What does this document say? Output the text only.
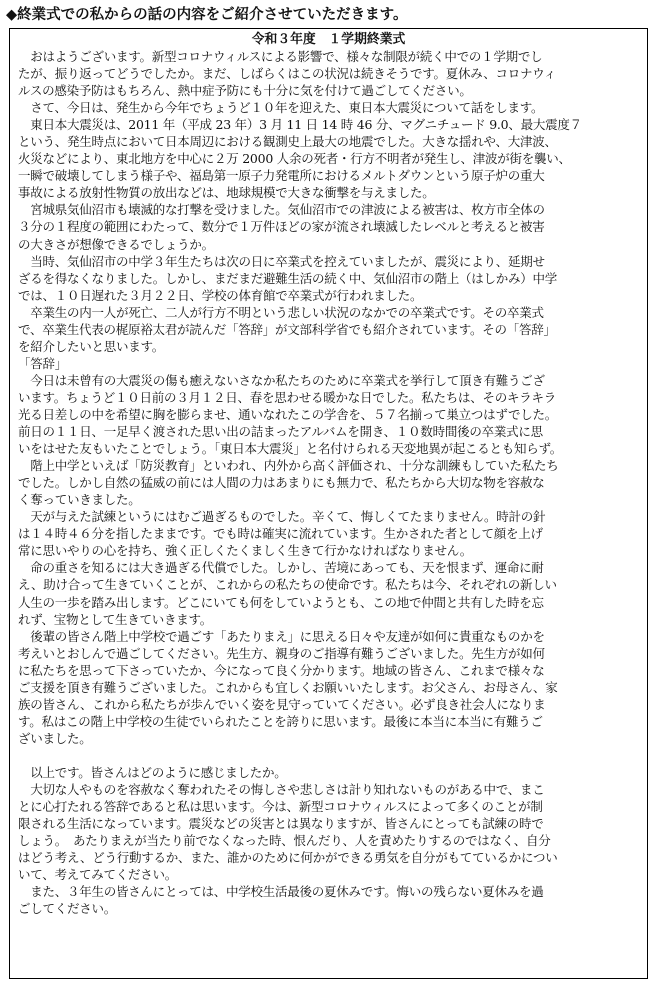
◆終業式での私からの話の内容をご紹介させていただきます。
令和３年度　１学期終業式
　おはようございます。新型コロナウィルスによる影響で、様々な制限が続く中での１学期でし
たが、振り返ってどうでしたか。まだ、しばらくはこの状況は続きそうです。夏休み、コロナウィ
ルスの感染予防はもちろん、熱中症予防にも十分に気を付けて過ごしてください。
　さて、今日は、発生から今年でちょうど１０年を迎えた、東日本大震災について話をします。
　東日本大震災は、2011 年（平成 23 年）3 月 11 日 14 時 46 分、マグニチュード 9.0、最大震度７
という、発生時点において日本周辺における観測史上最大の地震でした。大きな揺れや、大津波、
火災などにより、東北地方を中心に２万 2000 人余の死者・行方不明者が発生し、津波が街を襲い、
一瞬で破壊してしまう様子や、福島第一原子力発電所におけるメルトダウンという原子炉の重大
事故による放射性物質の放出などは、地球規模で大きな衝撃を与えました。
　宮城県気仙沼市も壊滅的な打撃を受けました。気仙沼市での津波による被害は、枚方市全体の
３分の１程度の範囲にわたって、数分で１万件ほどの家が流され壊滅したレベルと考えると被害
の大きさが想像できるでしょうか。
　当時、気仙沼市の中学３年生たちは次の日に卒業式を控えていましたが、震災により、延期せ
ざるを得なくなりました。しかし、まだまだ避難生活の続く中、気仙沼市の階上（はしかみ）中学
では、１０日遅れた３月２２日、学校の体育館で卒業式が行われました。
　卒業生の内一人が死亡、二人が行方不明という悲しい状況のなかでの卒業式です。その卒業式
で、卒業生代表の梶原裕太君が読んだ「答辞」が文部科学省でも紹介されています。その「答辞」
を紹介したいと思います。
「答辞」
　今日は未曾有の大震災の傷も癒えないさなか私たちのために卒業式を挙行して頂き有難うござ
います。ちょうど１０日前の３月１２日、春を思わせる暖かな日でした。私たちは、そのキラキラ
光る日差しの中を希望に胸を膨らませ、通いなれたこの学舎を、５７名揃って巣立つはずでした。
前日の１１日、一足早く渡された思い出の詰まったアルバムを開き、１０数時間後の卒業式に思
いをはせた友もいたことでしょう。「東日本大震災」と名付けられる天変地異が起こるとも知らず。
　階上中学といえば「防災教育」といわれ、内外から高く評価され、十分な訓練もしていた私たち
でした。しかし自然の猛威の前には人間の力はあまりにも無力で、私たちから大切な物を容赦な
く奪っていきました。
　天が与えた試練というにはむご過ぎるものでした。辛くて、悔しくてたまりません。時計の針
は１４時４６分を指したままです。でも時は確実に流れています。生かされた者として顔を上げ
常に思いやりの心を持ち、強く正しくたくましく生きて行かなければなりません。
　命の重さを知るには大き過ぎる代償でした。しかし、苦境にあっても、天を恨まず、運命に耐
え、助け合って生きていくことが、これからの私たちの使命です。私たちは今、それぞれの新しい
人生の一歩を踏み出します。どこにいても何をしていようとも、この地で仲間と共有した時を忘
れず、宝物として生きていきます。
　後輩の皆さん階上中学校で過ごす「あたりまえ」に思える日々や友達が如何に貴重なものかを
考えいとおしんで過ごしてください。先生方、親身のご指導有難うございました。先生方が如何
に私たちを思って下さっていたか、今になって良く分かります。地域の皆さん、これまで様々な
ご支援を頂き有難うございました。これからも宜しくお願いいたします。お父さん、お母さん、家
族の皆さん、これから私たちが歩んでいく姿を見守っていてください。必ず良き社会人になりま
す。私はこの階上中学校の生徒でいられたことを誇りに思います。最後に本当に本当に有難うご
ざいました。
　以上です。皆さんはどのように感じましたか。
　大切な人やものを容赦なく奪われたその悔しさや悲しさは計り知れないものがある中で、まこ
とに心打たれる答辞であると私は思います。今は、新型コロナウィルスによって多くのことが制
限される生活になっています。震災などの災害とは異なりますが、皆さんにとっても試練の時で
しょう。　あたりまえが当たり前でなくなった時、恨んだり、人を責めたりするのではなく、自分
はどう考え、どう行動するか、また、誰かのために何かができる勇気を自分がもてているかについ
いて、考えてみてください。
　また、３年生の皆さんにとっては、中学校生活最後の夏休みです。悔いの残らない夏休みを過
ごしてください。
